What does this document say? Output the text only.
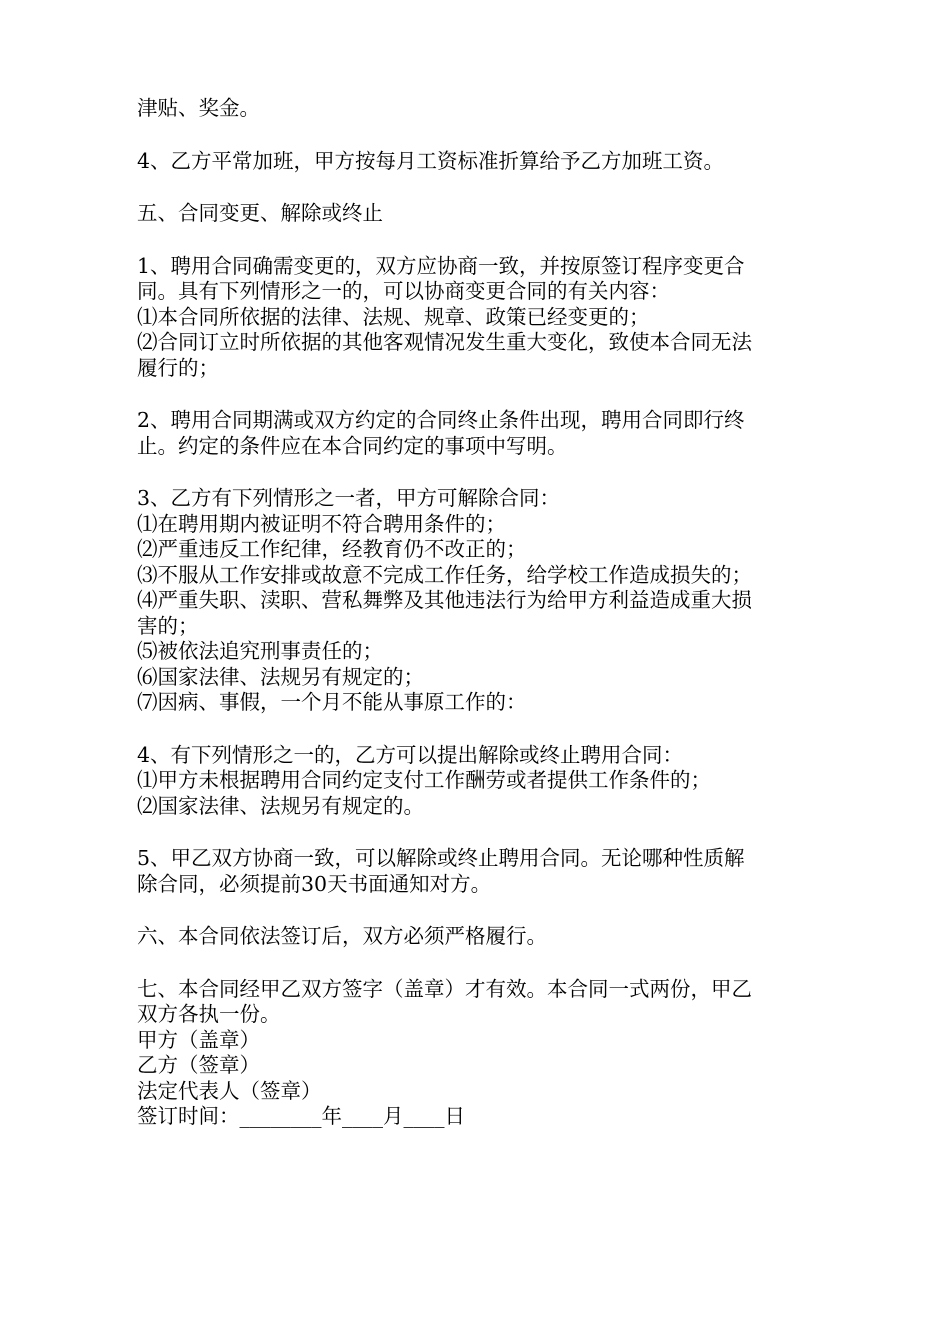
津贴、奖金。
4、乙方平常加班，甲方按每月工资标准折算给予乙方加班工资。
五、合同变更、解除或终止
1、聘用合同确需变更的，双方应协商一致，并按原签订程序变更合
同。具有下列情形之一的，可以协商变更合同的有关内容：
⑴本合同所依据的法律、法规、规章、政策已经变更的；
⑵合同订立时所依据的其他客观情况发生重大变化，致使本合同无法
履行的；
2、聘用合同期满或双方约定的合同终止条件出现，聘用合同即行终
止。约定的条件应在本合同约定的事项中写明。
3、乙方有下列情形之一者，甲方可解除合同：
⑴在聘用期内被证明不符合聘用条件的；
⑵严重违反工作纪律，经教育仍不改正的；
⑶不服从工作安排或故意不完成工作任务，给学校工作造成损失的；
⑷严重失职、渎职、营私舞弊及其他违法行为给甲方利益造成重大损
害的；
⑸被依法追究刑事责任的；
⑹国家法律、法规另有规定的；
⑺因病、事假，一个月不能从事原工作的：
4、有下列情形之一的，乙方可以提出解除或终止聘用合同：
⑴甲方未根据聘用合同约定支付工作酬劳或者提供工作条件的；
⑵国家法律、法规另有规定的。
5、甲乙双方协商一致，可以解除或终止聘用合同。无论哪种性质解
除合同，必须提前30天书面通知对方。
六、本合同依法签订后，双方必须严格履行。
七、本合同经甲乙双方签字（盖章）才有效。本合同一式两份，甲乙
双方各执一份。
甲方（盖章）
乙方（签章）
法定代表人（签章）
签订时间：________年____月____日
